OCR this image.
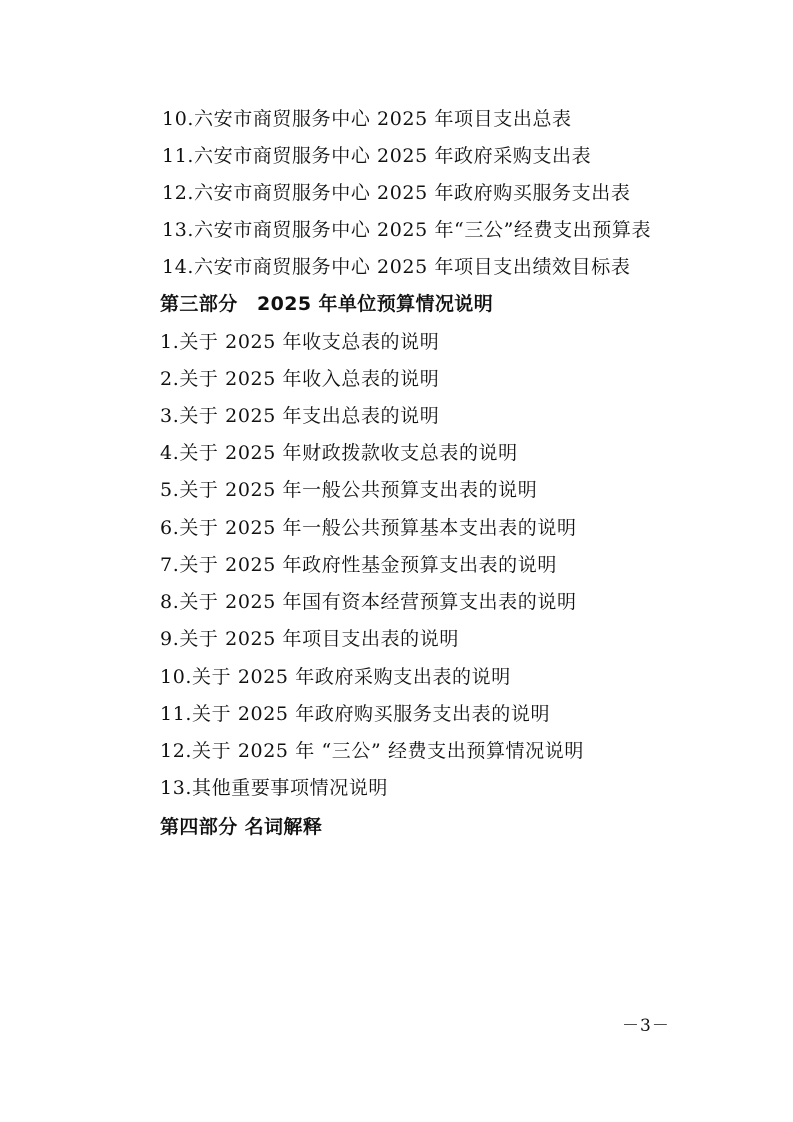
10.六安市商贸服务中心 2025 年项目支出总表
11.六安市商贸服务中心 2025 年政府采购支出表
12.六安市商贸服务中心 2025 年政府购买服务支出表
13.六安市商贸服务中心 2025 年“三公”经费支出预算表
14.六安市商贸服务中心 2025 年项目支出绩效目标表
第三部分　2025 年单位预算情况说明
1.关于 2025 年收支总表的说明
2.关于 2025 年收入总表的说明
3.关于 2025 年支出总表的说明
4.关于 2025 年财政拨款收支总表的说明
5.关于 2025 年一般公共预算支出表的说明
6.关于 2025 年一般公共预算基本支出表的说明
7.关于 2025 年政府性基金预算支出表的说明
8.关于 2025 年国有资本经营预算支出表的说明
9.关于 2025 年项目支出表的说明
10.关于 2025 年政府采购支出表的说明
11.关于 2025 年政府购买服务支出表的说明
12.关于 2025 年 “三公” 经费支出预算情况说明
13.其他重要事项情况说明
第四部分 名词解释
－3－
